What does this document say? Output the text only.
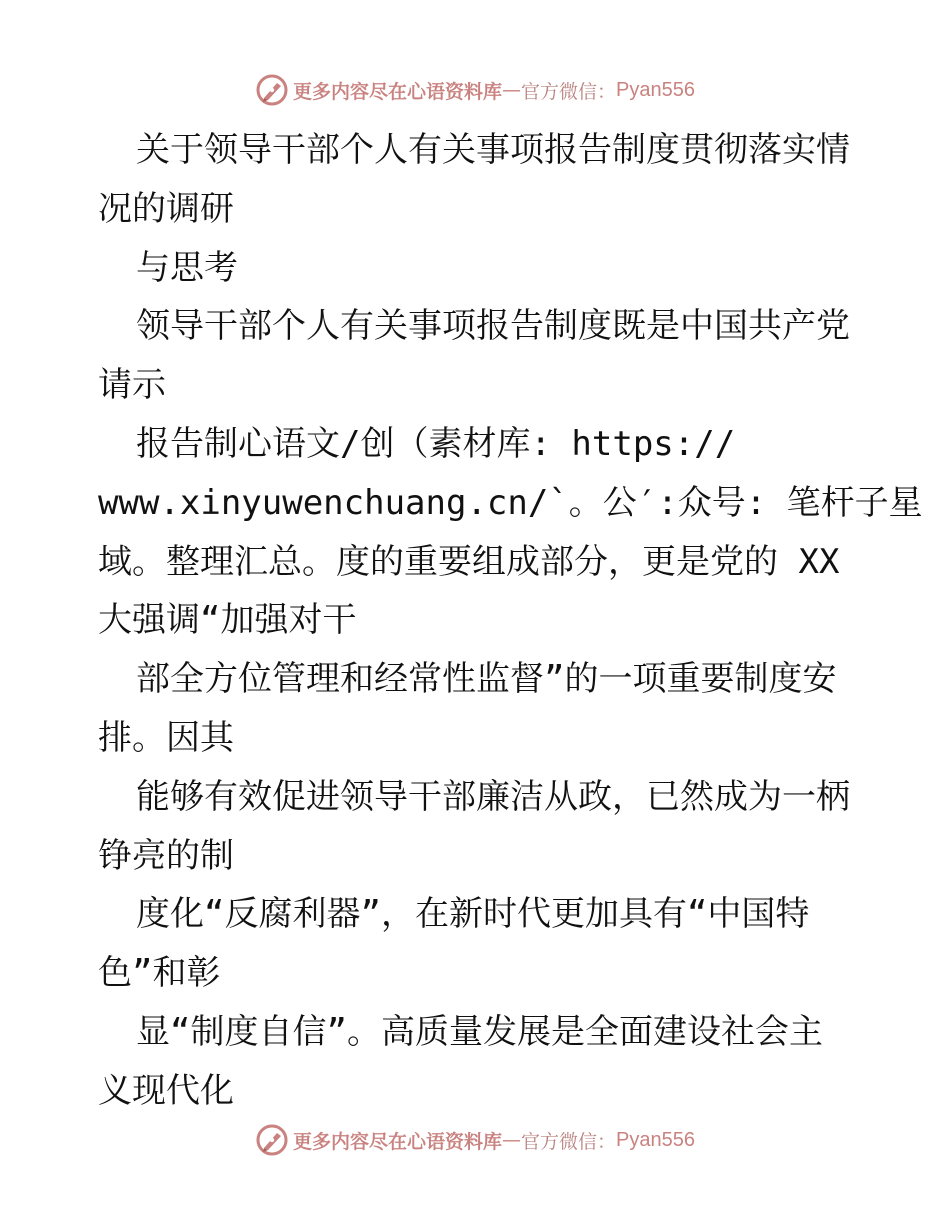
更多内容尽在心语资料库 — 官方微信： Pyan556
关于领导干部个人有关事项报告制度贯彻落实情
况的调研
与思考
领导干部个人有关事项报告制度既是中国共产党
请示
报告制心语文/创（素材库: https://
www.xinyuwenchuang.cn/`。公′:众号: 笔杆子星
域。整理汇总。度的重要组成部分，更是党的 XX
大强调“加强对干
部全方位管理和经常性监督”的一项重要制度安
排。因其
能够有效促进领导干部廉洁从政，已然成为一柄
铮亮的制
度化“反腐利器”，在新时代更加具有“中国特
色”和彰
显“制度自信”。高质量发展是全面建设社会主
义现代化
更多内容尽在心语资料库 — 官方微信： Pyan556
